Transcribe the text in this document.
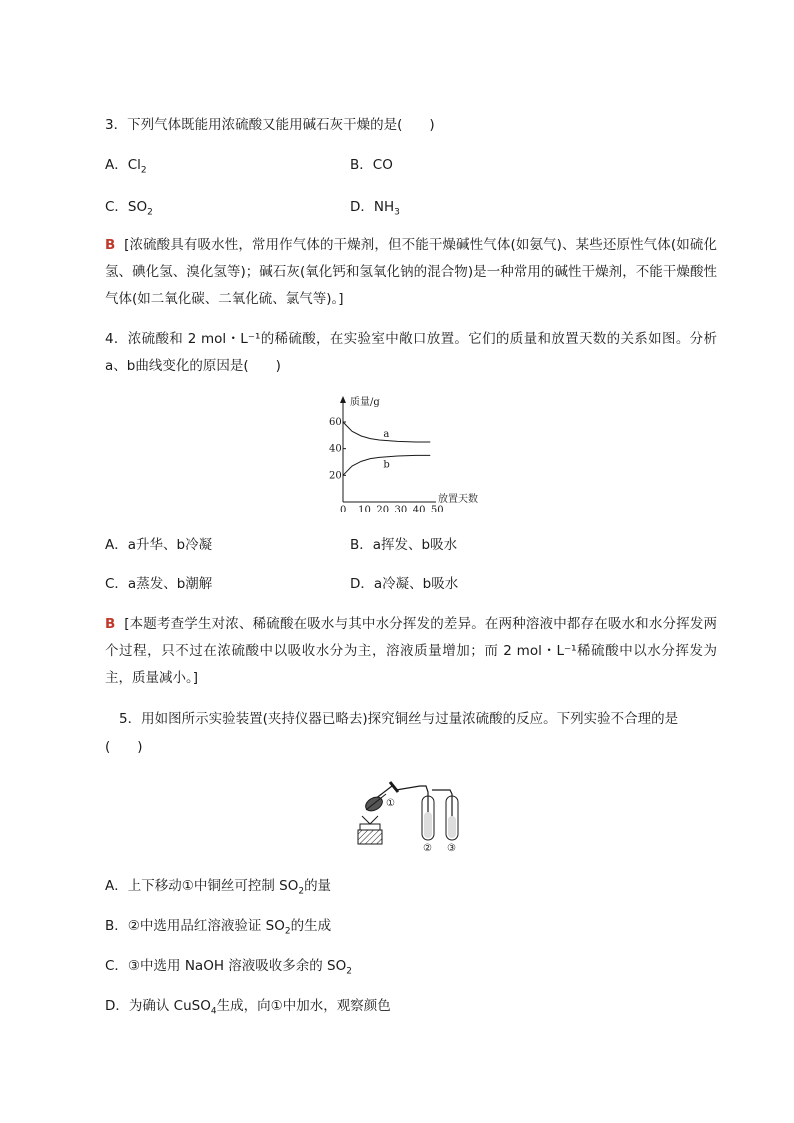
3．下列气体既能用浓硫酸又能用碱石灰干燥的是(　　)
A．$Cl_2$	B．CO
C．$SO_2$	D．$NH_3$
B [浓硫酸具有吸水性，常用作气体的干燥剂，但不能干燥碱性气体(如氨气)、某些还原性气体(如硫化氢、碘化氢、溴化氢等)；碱石灰(氧化钙和氢氧化钠的混合物)是一种常用的碱性干燥剂，不能干燥酸性气体(如二氧化碳、二氧化硫、氯气等)。]
4．浓硫酸和 2 mol・L⁻¹的稀硫酸，在实验室中敞口放置。它们的质量和放置天数的关系如图。分析a、b曲线变化的原因是(　　)
质量/g
放置天数
0 10 20 30 40 50
20
40
60
a
b
A．a升华、b冷凝	B．a挥发、b吸水
C．a蒸发、b潮解	D．a冷凝、b吸水
B [本题考查学生对浓、稀硫酸在吸水与其中水分挥发的差异。在两种溶液中都存在吸水和水分挥发两个过程，只不过在浓硫酸中以吸收水分为主，溶液质量增加；而 2 mol・L⁻¹稀硫酸中以水分挥发为主，质量减小。]
5．用如图所示实验装置(夹持仪器已略去)探究铜丝与过量浓硫酸的反应。下列实验不合理的是
(　　)
①
② ③
A．上下移动①中铜丝可控制 $SO_2$的量
B．②中选用品红溶液验证 $SO_2$的生成
C．③中选用 NaOH 溶液吸收多余的 $SO_2$
D．为确认 CuSO$_4$生成，向①中加水，观察颜色
